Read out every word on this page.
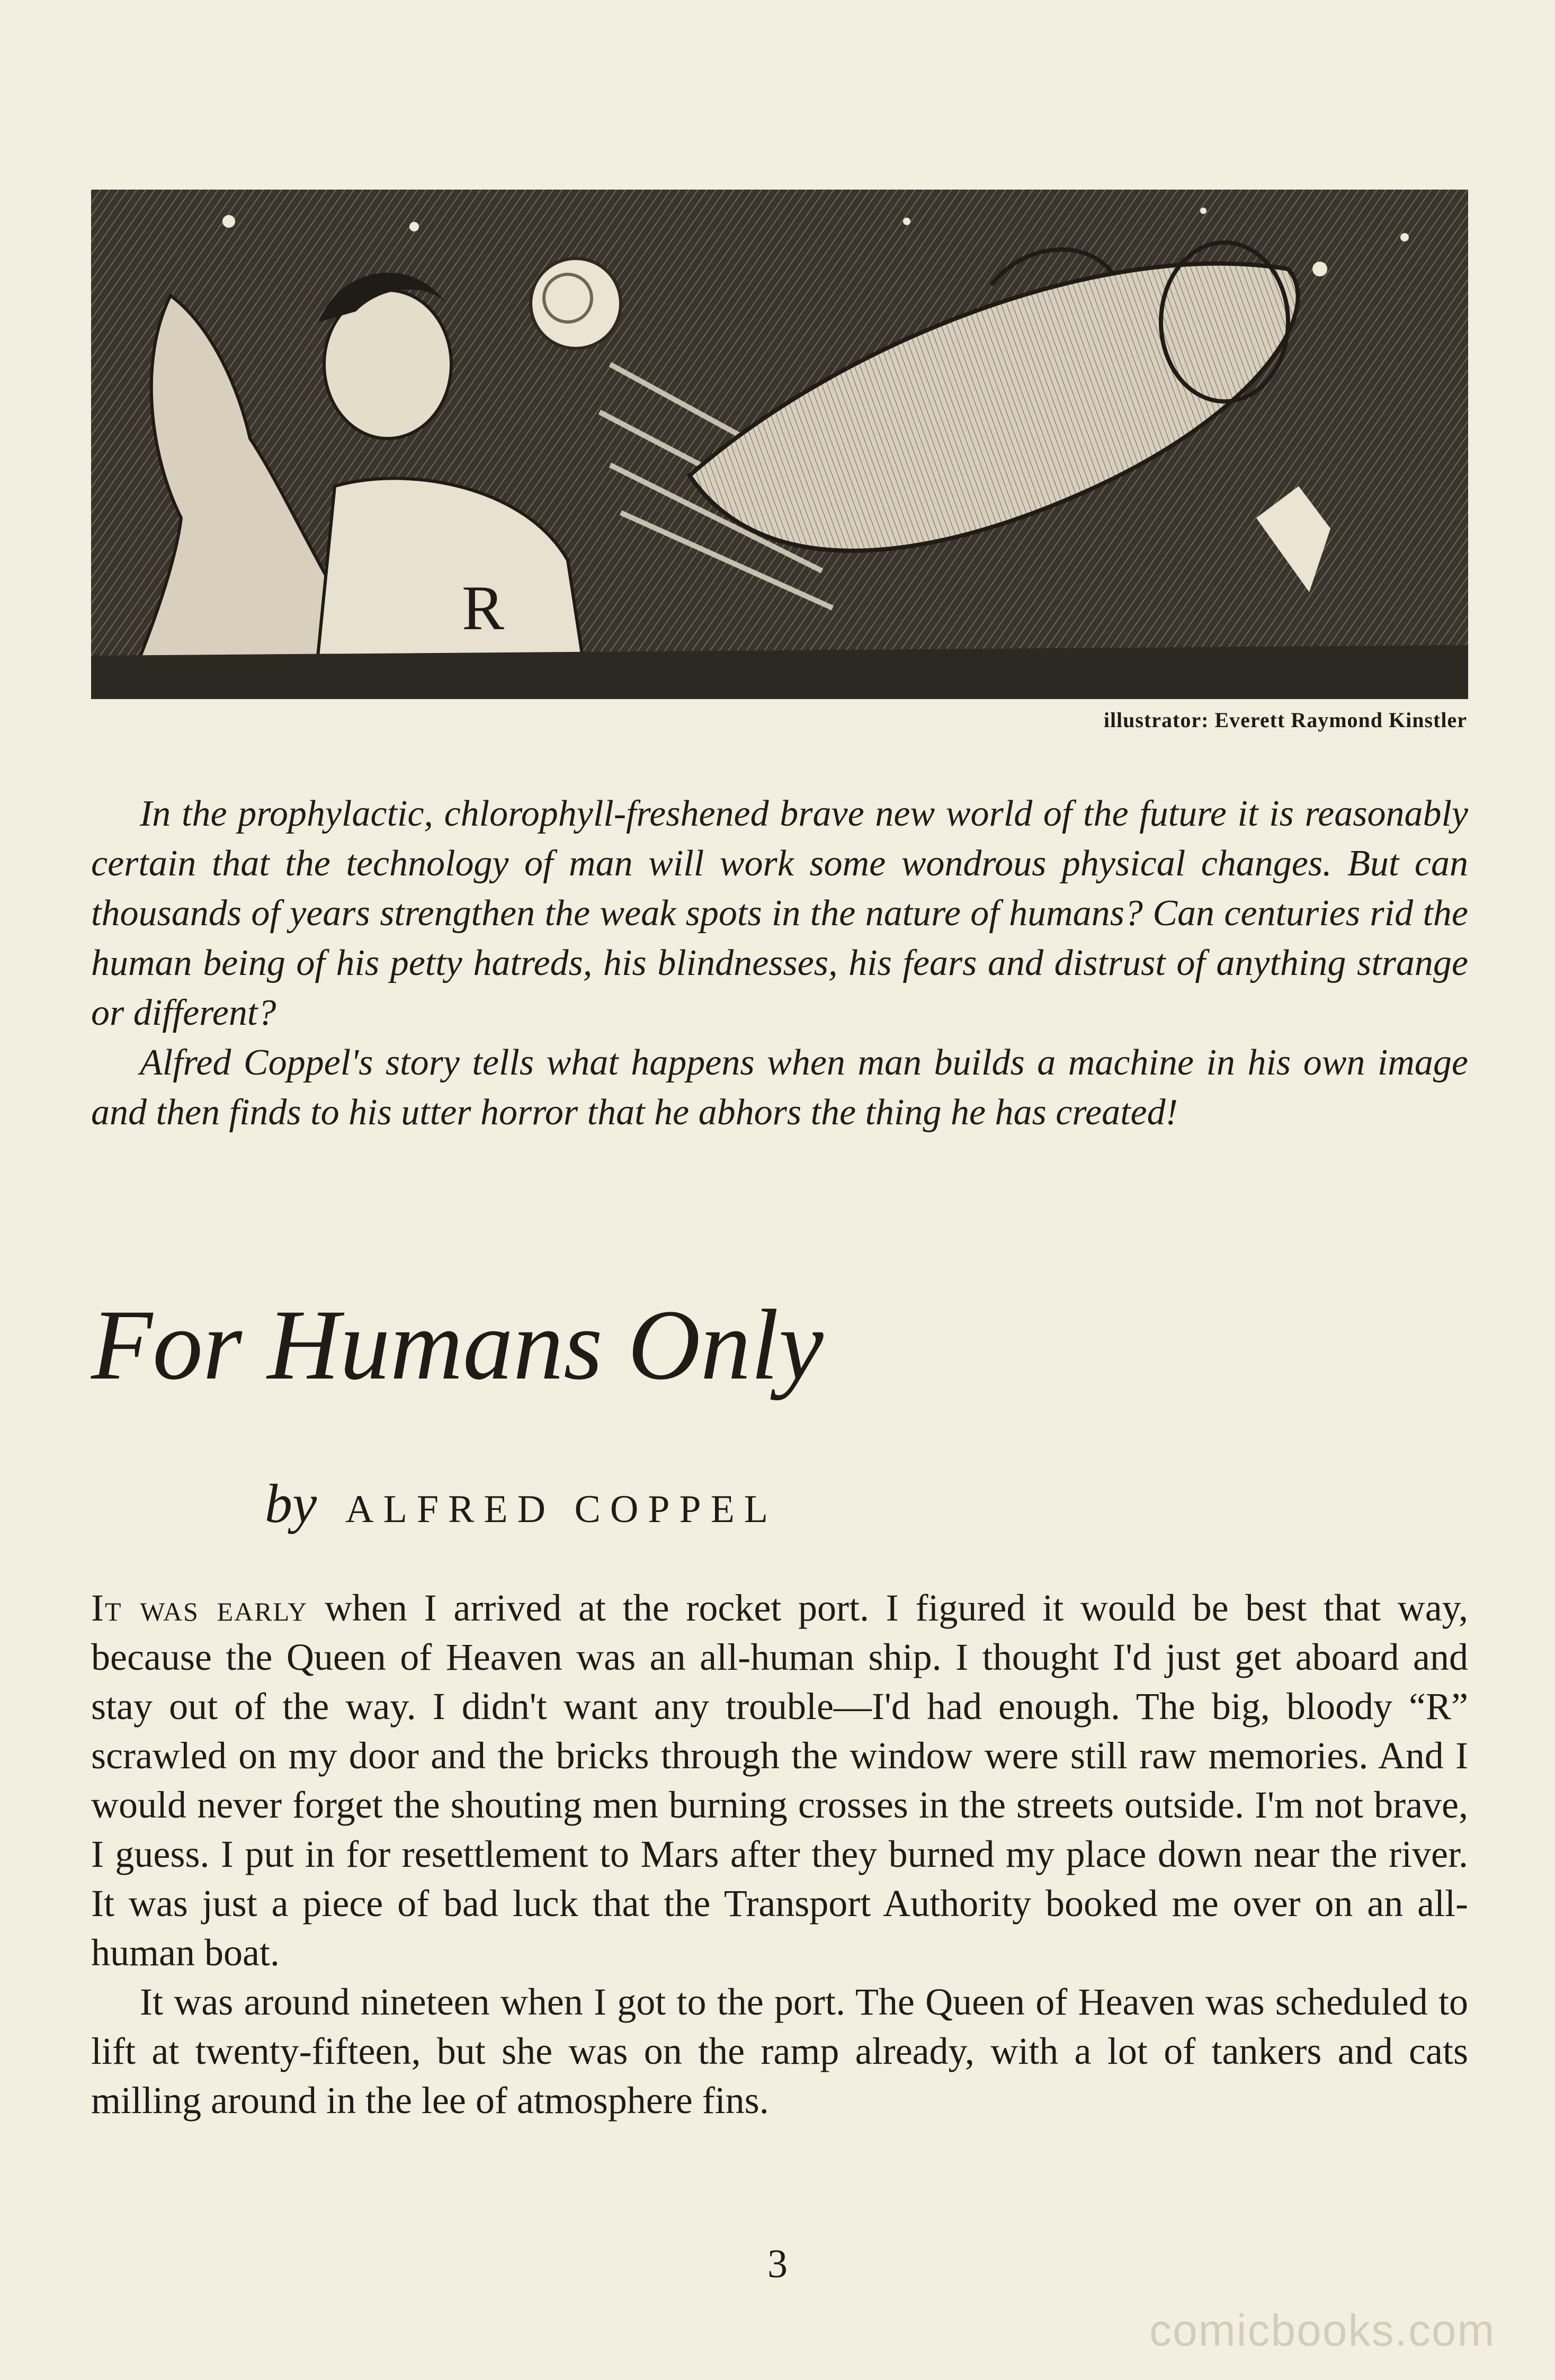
R
illustrator: Everett Raymond Kinstler

In the prophylactic, chlorophyll-freshened brave new world of the future it is reasonably certain that the technology of man will work some wondrous physical changes. But can thousands of years strengthen the weak spots in the nature of humans? Can centuries rid the human being of his petty hatreds, his blindnesses, his fears and distrust of anything strange or different?

Alfred Coppel's story tells what happens when man builds a machine in his own image and then finds to his utter horror that he abhors the thing he has created!

For Humans Only
by ALFRED COPPEL

It was early when I arrived at the rocket port. I figured it would be best that way, because the Queen of Heaven was an all-human ship. I thought I'd just get aboard and stay out of the way. I didn't want any trouble—I'd had enough. The big, bloody “R” scrawled on my door and the bricks through the window were still raw memories. And I would never forget the shouting men burning crosses in the streets outside. I'm not brave, I guess. I put in for resettlement to Mars after they burned my place down near the river. It was just a piece of bad luck that the Transport Authority booked me over on an all-human boat.

It was around nineteen when I got to the port. The Queen of Heaven was scheduled to lift at twenty-fifteen, but she was on the ramp already, with a lot of tankers and cats milling around in the lee of atmosphere fins.

3
comicbooks.com
